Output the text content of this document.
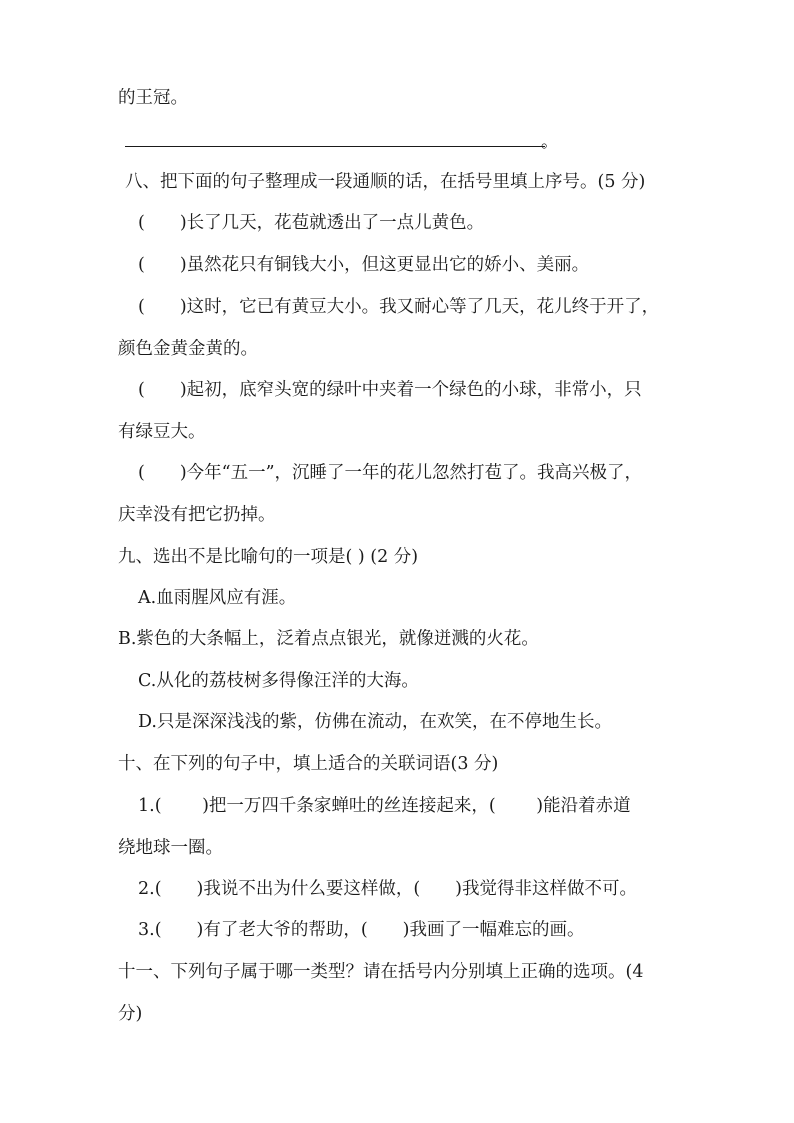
的王冠。
。
八、把下面的句子整理成一段通顺的话，在括号里填上序号。(5 分)
(　　)长了几天，花苞就透出了一点儿黄色。
(　　)虽然花只有铜钱大小，但这更显出它的娇小、美丽。
(　　)这时，它已有黄豆大小。我又耐心等了几天，花儿终于开了，
颜色金黄金黄的。
(　　)起初，底窄头宽的绿叶中夹着一个绿色的小球，非常小，只
有绿豆大。
(　　)今年“五一”，沉睡了一年的花儿忽然打苞了。我高兴极了，
庆幸没有把它扔掉。
九、选出不是比喻句的一项是( ) (2 分)
A.血雨腥风应有涯。
B.紫色的大条幅上，泛着点点银光，就像迸溅的火花。
C.从化的荔枝树多得像汪洋的大海。
D.只是深深浅浅的紫，仿佛在流动，在欢笑，在不停地生长。
十、在下列的句子中，填上适合的关联词语(3 分)
1.(　　 )把一万四千条家蝉吐的丝连接起来，(　　 )能沿着赤道
绕地球一圈。
2.(　　)我说不出为什么要这样做，(　　)我觉得非这样做不可。
3.(　　)有了老大爷的帮助，(　　)我画了一幅难忘的画。
十一、下列句子属于哪一类型？请在括号内分别填上正确的选项。(4
分)
